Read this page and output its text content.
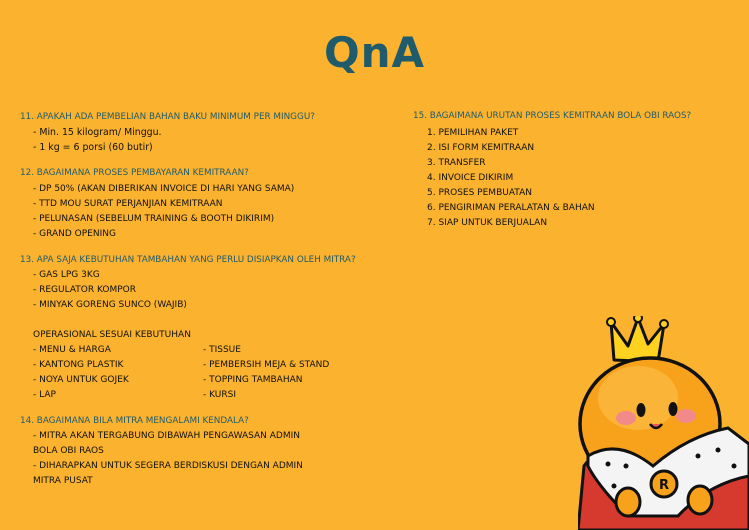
QnA
11. APAKAH ADA PEMBELIAN BAHAN BAKU MINIMUM PER MINGGU?
- Min. 15 kilogram/ Minggu.
- 1 kg = 6 porsi (60 butir)
12. BAGAIMANA PROSES PEMBAYARAN KEMITRAAN?
- DP 50% (AKAN DIBERIKAN INVOICE DI HARI YANG SAMA)
- TTD MOU SURAT PERJANJIAN KEMITRAAN
- PELUNASAN (SEBELUM TRAINING & BOOTH DIKIRIM)
- GRAND OPENING
13. APA SAJA KEBUTUHAN TAMBAHAN YANG PERLU DISIAPKAN OLEH MITRA?
- GAS LPG 3KG
- REGULATOR KOMPOR
- MINYAK GORENG SUNCO (WAJIB)
OPERASIONAL SESUAI KEBUTUHAN
- MENU & HARGA
- KANTONG PLASTIK
- NOYA UNTUK GOJEK
- LAP
- TISSUE
- PEMBERSIH MEJA & STAND
- TOPPING TAMBAHAN
- KURSI
14. BAGAIMANA BILA MITRA MENGALAMI KENDALA?
- MITRA AKAN TERGABUNG DIBAWAH PENGAWASAN ADMIN
BOLA OBI RAOS
- DIHARAPKAN UNTUK SEGERA BERDISKUSI DENGAN ADMIN
MITRA PUSAT
15. BAGAIMANA URUTAN PROSES KEMITRAAN BOLA OBI RAOS?
1. PEMILIHAN PAKET
2. ISI FORM KEMITRAAN
3. TRANSFER
4. INVOICE DIKIRIM
5. PROSES PEMBUATAN
6. PENGIRIMAN PERALATAN & BAHAN
7. SIAP UNTUK BERJUALAN
R
